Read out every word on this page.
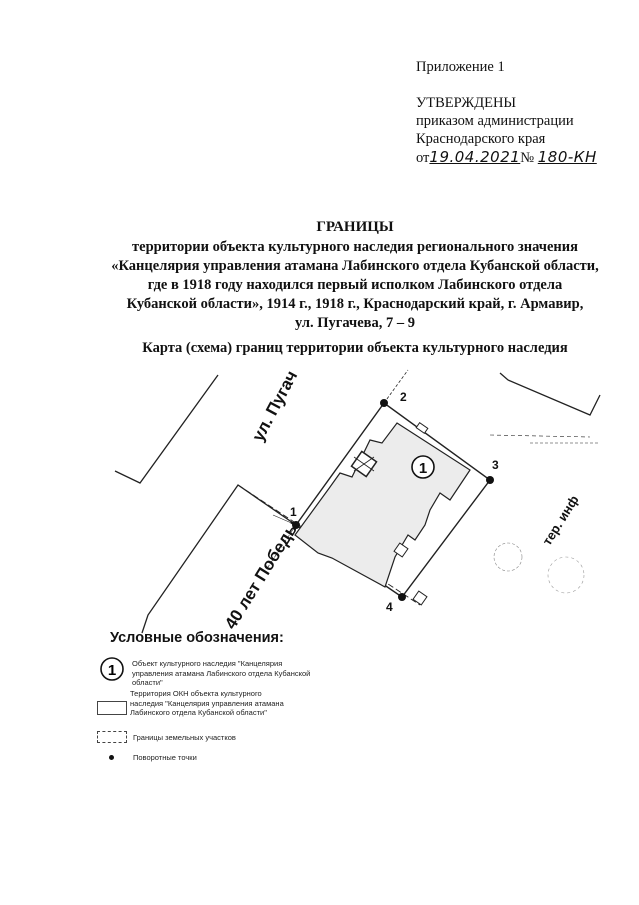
Приложение 1
УТВЕРЖДЕНЫ
приказом администрации
Краснодарского края
от19.04.2021№ 180-КН
ГРАНИЦЫ
территории объекта культурного наследия регионального значения
«Канцелярия управления атамана Лабинского отдела Кубанской области,
где в 1918 году находился первый исполком Лабинского отдела
Кубанской области», 1914 г., 1918 г., Краснодарский край, г. Армавир,
ул. Пугачева, 7 – 9
Карта (схема) границ территории объекта культурного наследия
1
1
2
3
4
ул. Пугач
40 лет Победы	тер. инф
Условные обозначения:
1 Объект культурного наследия "Канцелярия управления атамана Лабинского отдела Кубанской области"
Территория ОКН объекта культурного наследия "Канцелярия управления атамана Лабинского отдела Кубанской области"
Границы земельных участков
Поворотные точки
